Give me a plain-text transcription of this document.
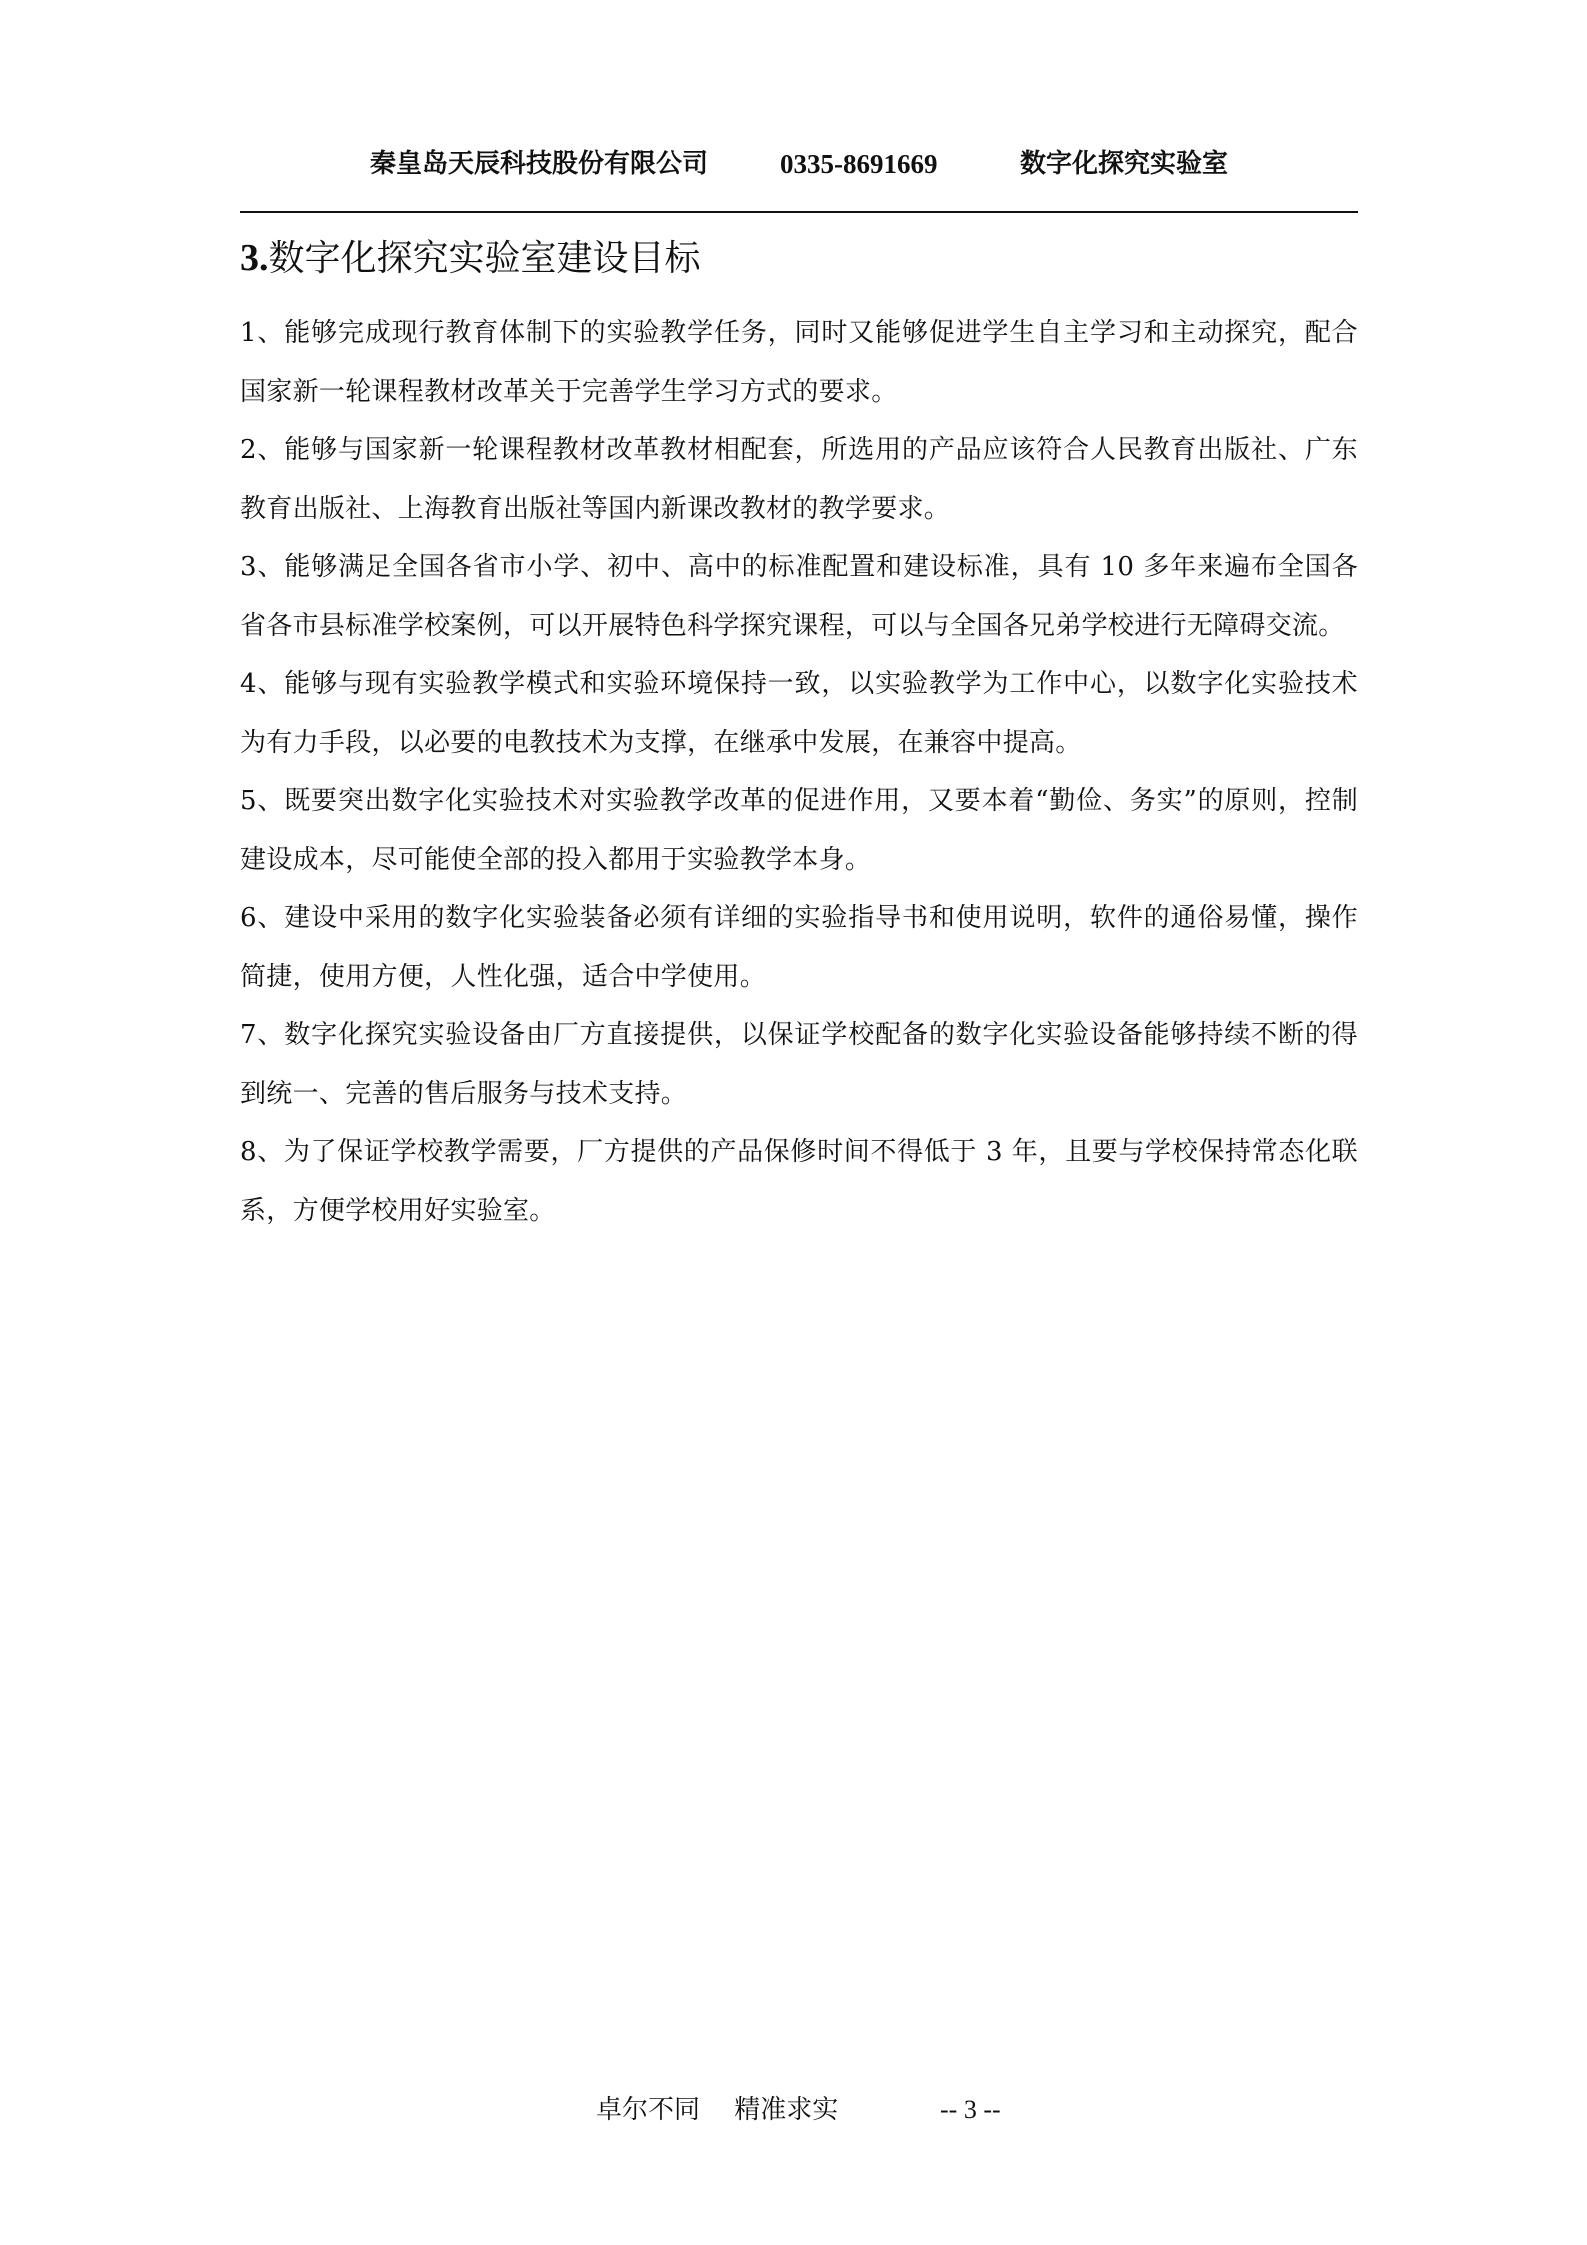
秦皇岛天辰科技股份有限公司	0335-8691669	数字化探究实验室
3.数字化探究实验室建设目标
1、能够完成现行教育体制下的实验教学任务，同时又能够促进学生自主学习和主动探究，配合国家新一轮课程教材改革关于完善学生学习方式的要求。
2、能够与国家新一轮课程教材改革教材相配套，所选用的产品应该符合人民教育出版社、广东教育出版社、上海教育出版社等国内新课改教材的教学要求。
3、能够满足全国各省市小学、初中、高中的标准配置和建设标准，具有 10 多年来遍布全国各省各市县标准学校案例，可以开展特色科学探究课程，可以与全国各兄弟学校进行无障碍交流。
4、能够与现有实验教学模式和实验环境保持一致，以实验教学为工作中心，以数字化实验技术为有力手段，以必要的电教技术为支撑，在继承中发展，在兼容中提高。
5、既要突出数字化实验技术对实验教学改革的促进作用，又要本着“勤俭、务实”的原则，控制建设成本，尽可能使全部的投入都用于实验教学本身。
6、建设中采用的数字化实验装备必须有详细的实验指导书和使用说明，软件的通俗易懂，操作简捷，使用方便，人性化强，适合中学使用。
7、数字化探究实验设备由厂方直接提供，以保证学校配备的数字化实验设备能够持续不断的得到统一、完善的售后服务与技术支持。
8、为了保证学校教学需要，厂方提供的产品保修时间不得低于 3 年，且要与学校保持常态化联系，方便学校用好实验室。
卓尔不同　 精准求实	-- 3 --
